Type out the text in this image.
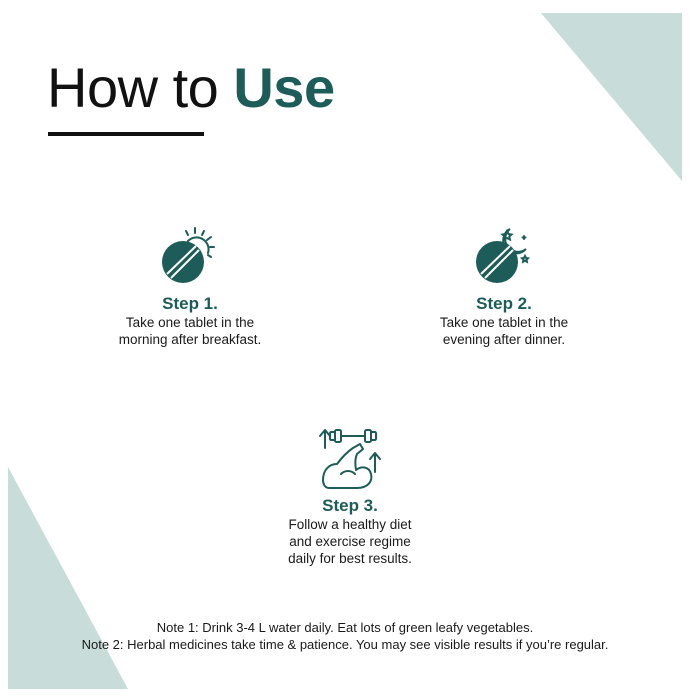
How to Use
Step 1.
Take one tablet in the
morning after breakfast.
Step 2.
Take one tablet in the
evening after dinner.
Step 3.
Follow a healthy diet
and exercise regime
daily for best results.
Note 1: Drink 3-4 L water daily. Eat lots of green leafy vegetables.
Note 2: Herbal medicines take time & patience. You may see visible results if you’re regular.
